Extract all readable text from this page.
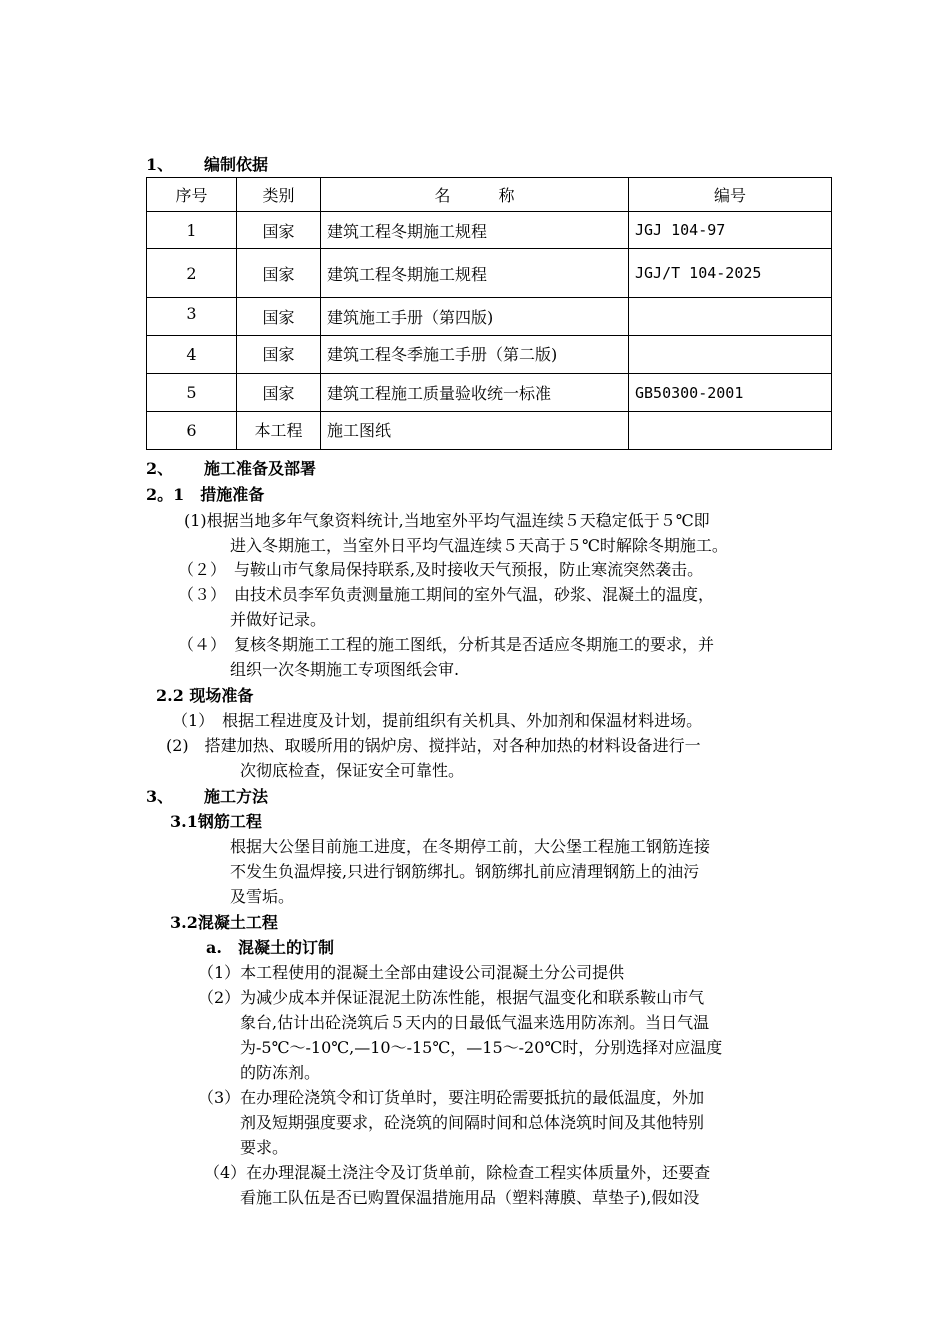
1、 编制依据
序号	类别	名　　　称	编号
1	国家	建筑工程冬期施工规程	JGJ 104-97
2	国家	建筑工程冬期施工规程	JGJ/T 104-2025
3	国家	建筑施工手册（第四版)	
4	国家	建筑工程冬季施工手册（第二版)	
5	国家	建筑工程施工质量验收统一标准	GB50300-2001
6	本工程	施工图纸	
2、 施工准备及部署
2。1　措施准备
(1)根据当地多年气象资料统计,当地室外平均气温连续５天稳定低于５℃即
进入冬期施工，当室外日平均气温连续５天高于５℃时解除冬期施工。
（２）　与鞍山市气象局保持联系,及时接收天气预报，防止寒流突然袭击。
（３）　由技术员李军负责测量施工期间的室外气温，砂浆、混凝土的温度，
并做好记录。
（４）　复核冬期施工工程的施工图纸，分析其是否适应冬期施工的要求，并
组织一次冬期施工专项图纸会审.
2.2 现场准备
（1）　根据工程进度及计划，提前组织有关机具、外加剂和保温材料进场。
(2)　搭建加热、取暖所用的锅炉房、搅拌站，对各种加热的材料设备进行一
次彻底检查，保证安全可靠性。
3、 施工方法
3.1钢筋工程
根据大公堡目前施工进度，在冬期停工前，大公堡工程施工钢筋连接
不发生负温焊接,只进行钢筋绑扎。钢筋绑扎前应清理钢筋上的油污
及雪垢。
3.2混凝土工程
a.　混凝土的订制
（1）本工程使用的混凝土全部由建设公司混凝土分公司提供
（2）为减少成本并保证混泥土防冻性能，根据气温变化和联系鞍山市气
象台,估计出砼浇筑后５天内的日最低气温来选用防冻剂。当日气温
为-5℃～-10℃,—10～-15℃，—15～-20℃时，分别选择对应温度
的防冻剂。
（3）在办理砼浇筑令和订货单时，要注明砼需要抵抗的最低温度，外加
剂及短期强度要求，砼浇筑的间隔时间和总体浇筑时间及其他特别
要求。
（4）在办理混凝土浇注令及订货单前，除检查工程实体质量外，还要查
看施工队伍是否已购置保温措施用品（塑料薄膜、草垫子),假如没
